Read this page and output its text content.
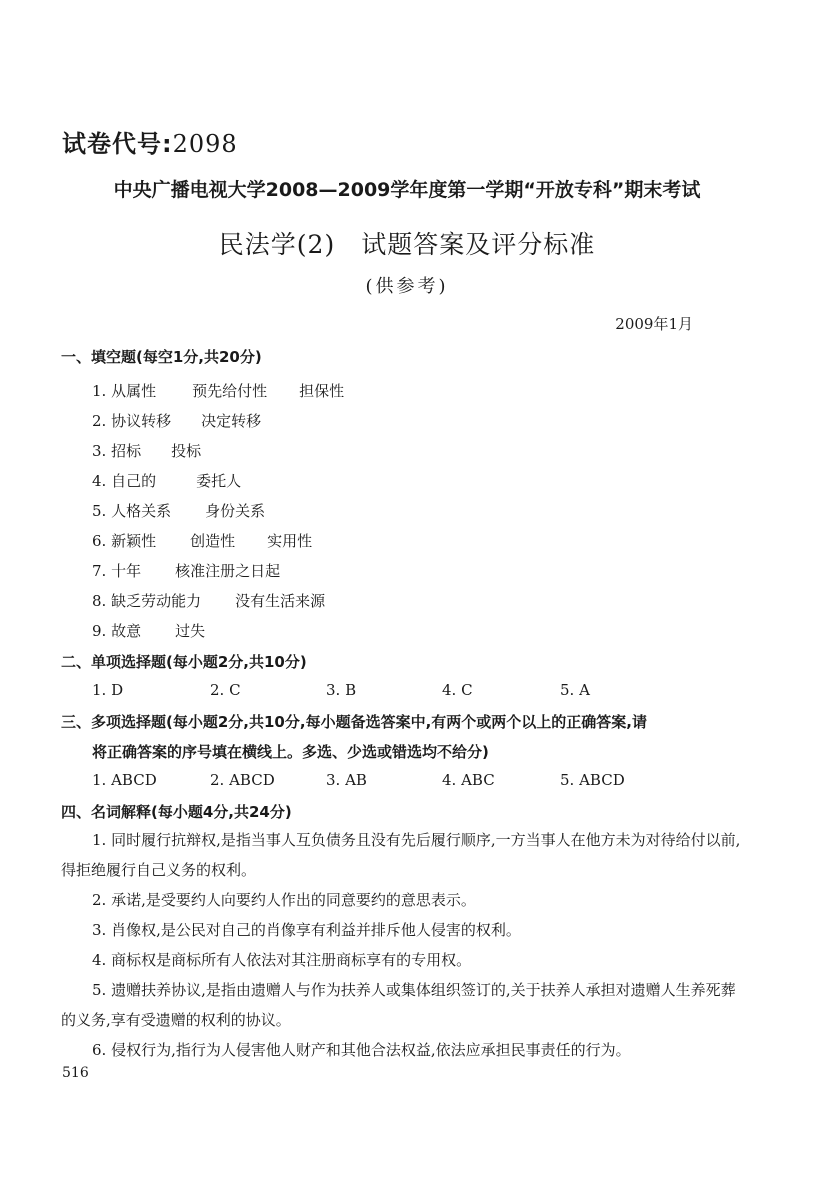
试卷代号:2098
中央广播电视大学2008—2009学年度第一学期“开放专科”期末考试
民法学(2)　试题答案及评分标准
(供参考)
2009年1月
一、填空题(每空1分,共20分)
1. 从属性 预先给付性 担保性
2. 协议转移 决定转移
3. 招标 投标
4. 自己的	委托人
5. 人格关系 身份关系
6. 新颖性 创造性 实用性
7. 十年 核准注册之日起
8. 缺乏劳动能力 没有生活来源
9. 故意 过失
二、单项选择题(每小题2分,共10分)
1. D	2. C	3. B	4. C	5. A
三、多项选择题(每小题2分,共10分,每小题备选答案中,有两个或两个以上的正确答案,请
将正确答案的序号填在横线上。多选、少选或错选均不给分)
1. ABCD	2. ABCD	3. AB	4. ABC	5. ABCD
四、名词解释(每小题4分,共24分)
1. 同时履行抗辩权,是指当事人互负债务且没有先后履行顺序,一方当事人在他方未为对待给付以前,得拒绝履行自己义务的权利。
2. 承诺,是受要约人向要约人作出的同意要约的意思表示。
3. 肖像权,是公民对自己的肖像享有利益并排斥他人侵害的权利。
4. 商标权是商标所有人依法对其注册商标享有的专用权。
5. 遗赠扶养协议,是指由遗赠人与作为扶养人或集体组织签订的,关于扶养人承担对遗赠人生养死葬的义务,享有受遗赠的权利的协议。
6. 侵权行为,指行为人侵害他人财产和其他合法权益,依法应承担民事责任的行为。
516
